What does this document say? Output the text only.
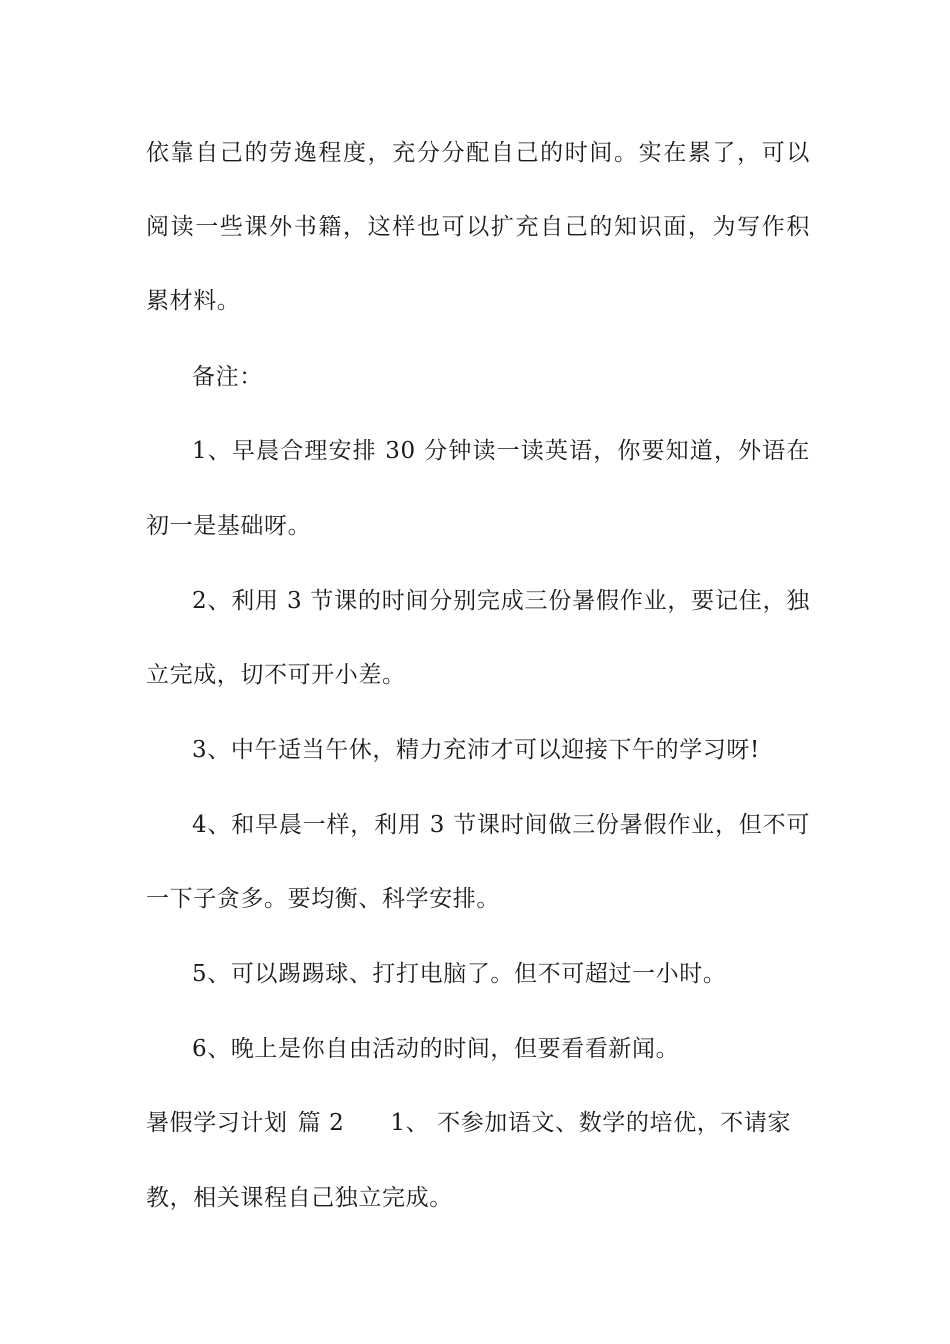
依靠自己的劳逸程度，充分分配自己的时间。实在累了，可以
阅读一些课外书籍，这样也可以扩充自己的知识面，为写作积
累材料。
备注：
1、早晨合理安排 30 分钟读一读英语，你要知道，外语在
初一是基础呀。
2、利用 3 节课的时间分别完成三份暑假作业，要记住，独
立完成，切不可开小差。
3、中午适当午休，精力充沛才可以迎接下午的学习呀!
4、和早晨一样，利用 3 节课时间做三份暑假作业，但不可
一下子贪多。要均衡、科学安排。
5、可以踢踢球、打打电脑了。但不可超过一小时。
6、晚上是你自由活动的时间，但要看看新闻。
暑假学习计划 篇 2 1、 不参加语文、数学的培优，不请家
教，相关课程自己独立完成。
